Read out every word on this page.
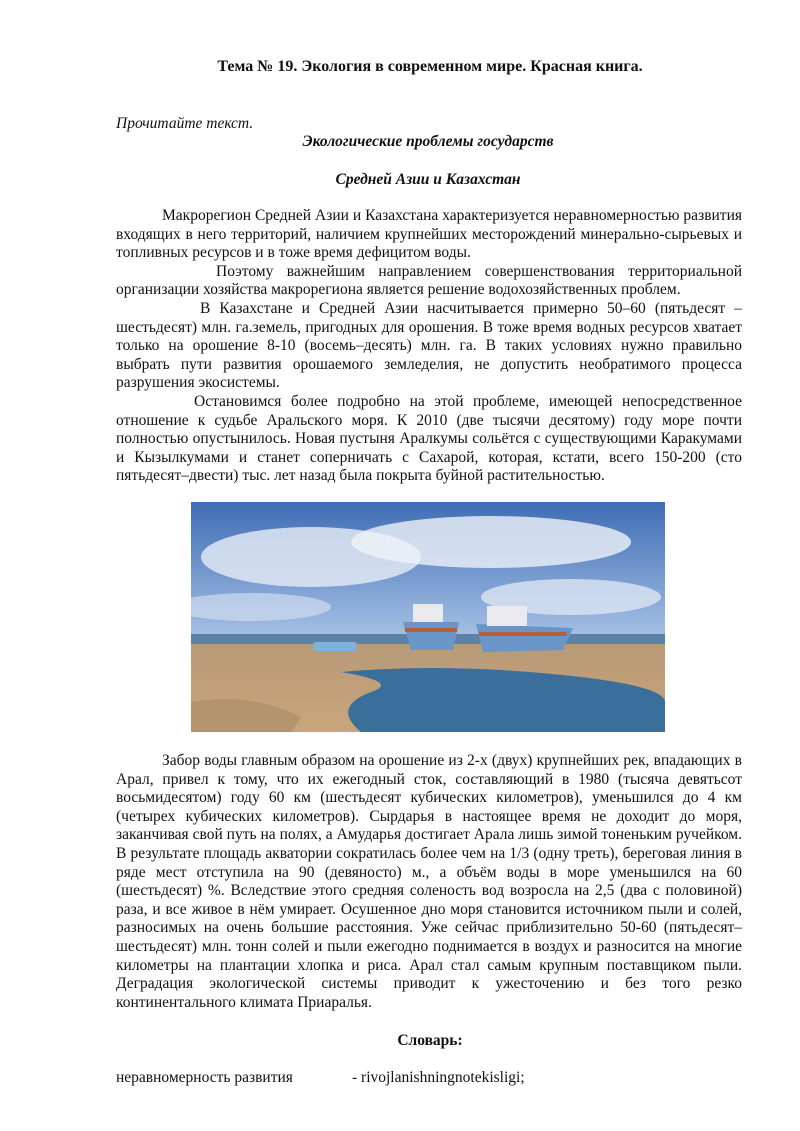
Тема № 19. Экология в современном мире. Красная книга.
Прочитайте текст.
Экологические проблемы государств
Средней Азии и Казахстан

Макрорегион Средней Азии и Казахстана характеризуется неравномерностью развития входящих в него территорий, наличием крупнейших месторождений минерально-сырьевых и топливных ресурсов и в тоже время дефицитом воды.

Поэтому важнейшим направлением совершенствования территориальной организации хозяйства макрорегиона является решение водохозяйственных проблем.

В Казахстане и Средней Азии насчитывается примерно 50–60 (пятьдесят – шестьдесят) млн. га.земель, пригодных для орошения. В тоже время водных ресурсов хватает только на орошение 8-10 (восемь–десять) млн. га. В таких условиях нужно правильно выбрать пути развития орошаемого земледелия, не допустить необратимого процесса разрушения экосистемы.

Остановимся более подробно на этой проблеме, имеющей непосредственное отношение к судьбе Аральского моря. К 2010 (две тысячи десятому) году море почти полностью опустынилось. Новая пустыня Аралкумы сольётся с существующими Каракумами и Кызылкумами и станет соперничать с Сахарой, которая, кстати, всего 150-200 (сто пятьдесят–двести) тыс. лет назад была покрыта буйной растительностью.

Забор воды главным образом на орошение из 2-х (двух) крупнейших рек, впадающих в Арал, привел к тому, что их ежегодный сток, составляющий в 1980 (тысяча девятьсот восьмидесятом) году 60 км (шестьдесят кубических километров), уменьшился до 4 км (четырех кубических километров). Сырдарья в настоящее время не доходит до моря, заканчивая свой путь на полях, а Амударья достигает Арала лишь зимой тоненьким ручейком. В результате площадь акватории сократилась более чем на 1/3 (одну треть), береговая линия в ряде мест отступила на 90 (девяносто) м., а объём воды в море уменьшился на 60 (шестьдесят) %. Вследствие этого средняя соленость вод возросла на 2,5 (два с половиной) раза, и все живое в нём умирает. Осушенное дно моря становится источником пыли и солей, разносимых на очень большие расстояния. Уже сейчас приблизительно 50-60 (пятьдесят–шестьдесят) млн. тонн солей и пыли ежегодно поднимается в воздух и разносится на многие километры на плантации хлопка и риса. Арал стал самым крупным поставщиком пыли. Деградация экологической системы приводит к ужесточению и без того резко континентального климата Приаралья.

Словарь:
неравномерность развития	- rivojlanishningnotekisligi;
